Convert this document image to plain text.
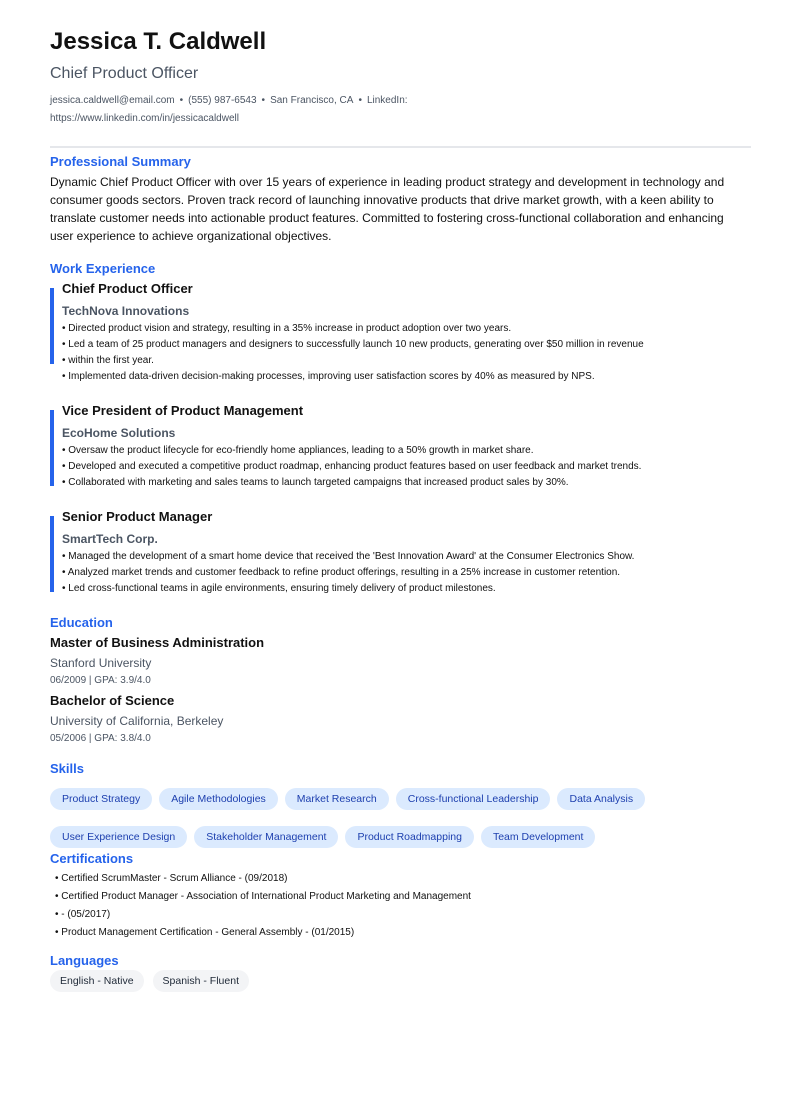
Jessica T. Caldwell
Chief Product Officer
jessica.caldwell@email.com • (555) 987-6543 • San Francisco, CA • LinkedIn:
https://www.linkedin.com/in/jessicacaldwell
Professional Summary
Dynamic Chief Product Officer with over 15 years of experience in leading product strategy and development in technology and consumer goods sectors. Proven track record of launching innovative products that drive market growth, with a keen ability to translate customer needs into actionable product features. Committed to fostering cross-functional collaboration and enhancing user experience to achieve organizational objectives.
Work Experience
Chief Product Officer
TechNova Innovations
• Directed product vision and strategy, resulting in a 35% increase in product adoption over two years.
• Led a team of 25 product managers and designers to successfully launch 10 new products, generating over $50 million in revenue
• within the first year.
• Implemented data-driven decision-making processes, improving user satisfaction scores by 40% as measured by NPS.
Vice President of Product Management
EcoHome Solutions
• Oversaw the product lifecycle for eco-friendly home appliances, leading to a 50% growth in market share.
• Developed and executed a competitive product roadmap, enhancing product features based on user feedback and market trends.
• Collaborated with marketing and sales teams to launch targeted campaigns that increased product sales by 30%.
Senior Product Manager
SmartTech Corp.
• Managed the development of a smart home device that received the 'Best Innovation Award' at the Consumer Electronics Show.
• Analyzed market trends and customer feedback to refine product offerings, resulting in a 25% increase in customer retention.
• Led cross-functional teams in agile environments, ensuring timely delivery of product milestones.
Education
Master of Business Administration
Stanford University
06/2009 | GPA: 3.9/4.0
Bachelor of Science
University of California, Berkeley
05/2006 | GPA: 3.8/4.0
Skills
Product Strategy	Agile Methodologies	Market Research	Cross-functional Leadership	Data Analysis
User Experience Design	Stakeholder Management	Product Roadmapping	Team Development
Certifications
• Certified ScrumMaster - Scrum Alliance - (09/2018)
• Certified Product Manager - Association of International Product Marketing and Management
• - (05/2017)
• Product Management Certification - General Assembly - (01/2015)
Languages
English - Native	Spanish - Fluent
